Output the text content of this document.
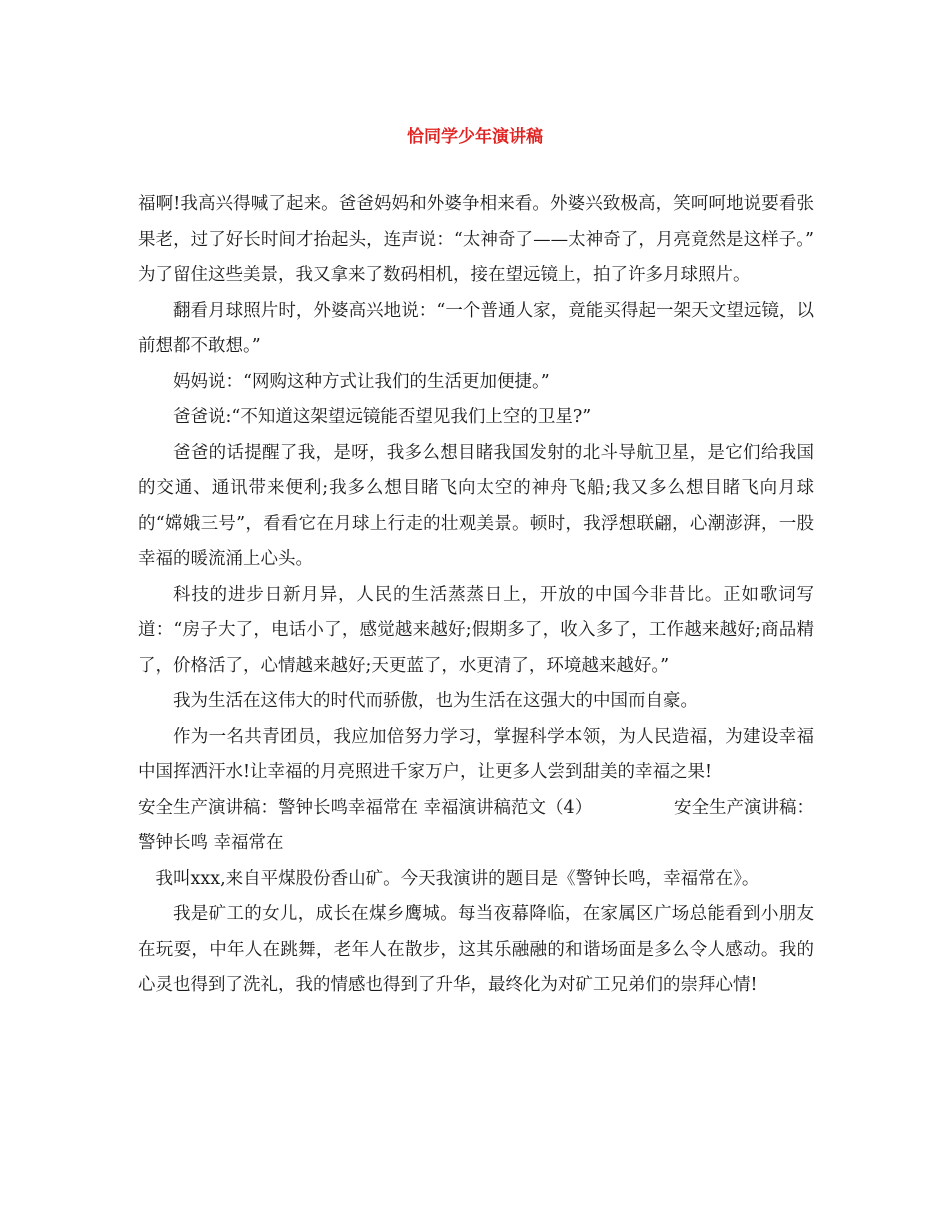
恰同学少年演讲稿

福啊!我高兴得喊了起来。爸爸妈妈和外婆争相来看。外婆兴致极高，笑呵呵地说要看张果老，过了好长时间才抬起头，连声说：“太神奇了——太神奇了，月亮竟然是这样子。”　为了留住这些美景，我又拿来了数码相机，接在望远镜上，拍了许多月球照片。

翻看月球照片时，外婆高兴地说：“一个普通人家，竟能买得起一架天文望远镜，以前想都不敢想。”

妈妈说：“网购这种方式让我们的生活更加便捷。”

爸爸说:“不知道这架望远镜能否望见我们上空的卫星?”

爸爸的话提醒了我，是呀，我多么想目睹我国发射的北斗导航卫星，是它们给我国的交通、通讯带来便利;我多么想目睹飞向太空的神舟飞船;我又多么想目睹飞向月球的“嫦娥三号”，看看它在月球上行走的壮观美景。顿时，我浮想联翩，心潮澎湃，一股幸福的暖流涌上心头。

科技的进步日新月异，人民的生活蒸蒸日上，开放的中国今非昔比。正如歌词写道：“房子大了，电话小了，感觉越来越好;假期多了，收入多了，工作越来越好;商品精了，价格活了，心情越来越好;天更蓝了，水更清了，环境越来越好。”

我为生活在这伟大的时代而骄傲，也为生活在这强大的中国而自豪。

作为一名共青团员，我应加倍努力学习，掌握科学本领，为人民造福，为建设幸福中国挥洒汗水!让幸福的月亮照进千家万户，让更多人尝到甜美的幸福之果!

安全生产演讲稿：警钟长鸣幸福常在 幸福演讲稿范文（4）	安全生产演讲稿：

警钟长鸣 幸福常在

我叫xxx,来自平煤股份香山矿。今天我演讲的题目是《警钟长鸣，幸福常在》。

我是矿工的女儿，成长在煤乡鹰城。每当夜幕降临，在家属区广场总能看到小朋友在玩耍，中年人在跳舞，老年人在散步，这其乐融融的和谐场面是多么令人感动。我的心灵也得到了洗礼，我的情感也得到了升华，最终化为对矿工兄弟们的崇拜心情!
